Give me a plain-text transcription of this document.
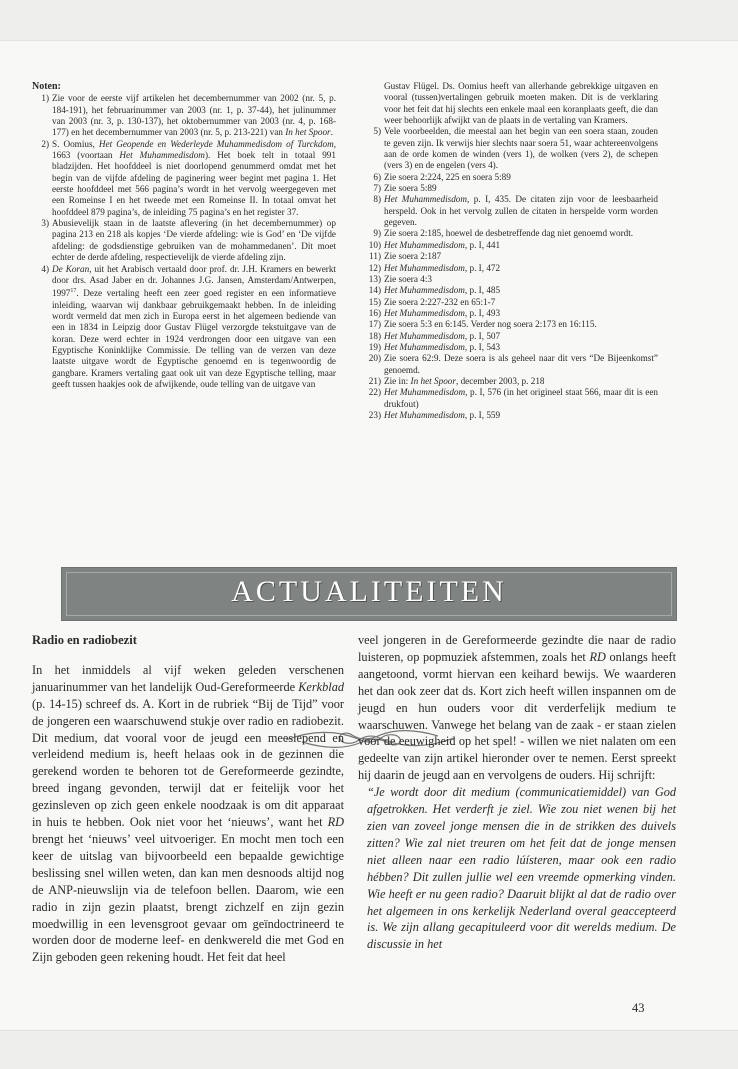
Noten:
1) Zie voor de eerste vijf artikelen het decembernummer van 2002 (nr. 5, p. 184-191), het februarinummer van 2003 (nr. 1, p. 37-44), het julinummer van 2003 (nr. 3, p. 130-137), het oktobernummer van 2003 (nr. 4, p. 168-177) en het decembernummer van 2003 (nr. 5, p. 213-221) van In het Spoor.
2) S. Oomius, Het Geopende en Wederleyde Muhammedisdom of Turckdom, 1663 (voortaan Het Muhammedisdom). Het boek telt in totaal 991 bladzijden. Het hoofddeel is niet doorlopend genummerd omdat met het begin van de vijfde afdeling de paginering weer begint met pagina 1. Het eerste hoofddeel met 566 pagina’s wordt in het vervolg weergegeven met een Romeinse I en het tweede met een Romeinse II. In totaal omvat het hoofddeel 879 pagina’s, de inleiding 75 pagina’s en het register 37.
3) Abusievelijk staan in de laatste aflevering (in het decembernummer) op pagina 213 en 218 als kopjes ‘De vierde afdeling: wie is God’ en ‘De vijfde afdeling: de godsdienstige gebruiken van de mohammedanen’. Dit moet echter de derde afdeling, respectievelijk de vierde afdeling zijn.
4) De Koran, uit het Arabisch vertaald door prof. dr. J.H. Kramers en bewerkt door drs. Asad Jaber en dr. Johannes J.G. Jansen, Amsterdam/Antwerpen, 1997$^{17}$. Deze vertaling heeft een zeer goed register en een informatieve inleiding, waarvan wij dankbaar gebruikgemaakt hebben. In de inleiding wordt vermeld dat men zich in Europa eerst in het algemeen bediende van een in 1834 in Leipzig door Gustav Flügel verzorgde tekstuitgave van de koran. Deze werd echter in 1924 verdrongen door een uitgave van een Egyptische Koninklijke Commissie. De telling van de verzen van deze laatste uitgave wordt de Egyptische genoemd en is tegenwoordig de gangbare. Kramers vertaling gaat ook uit van deze Egyptische telling, maar geeft tussen haakjes ook de afwijkende, oude telling van de uitgave van
Gustav Flügel. Ds. Oomius heeft van allerhande gebrekkige uitgaven en vooral (tussen)vertalingen gebruik moeten maken. Dit is de verklaring voor het feit dat hij slechts een enkele maal een koranplaats geeft, die dan weer behoorlijk afwijkt van de plaats in de vertaling van Kramers.
5) Vele voorbeelden, die meestal aan het begin van een soera staan, zouden te geven zijn. Ik verwijs hier slechts naar soera 51, waar achtereenvolgens aan de orde komen de winden (vers 1), de wolken (vers 2), de schepen (vers 3) en de engelen (vers 4).
6) Zie soera 2:224, 225 en soera 5:89
7) Zie soera 5:89
8) Het Muhammedisdom, p. I, 435. De citaten zijn voor de leesbaarheid herspeld. Ook in het vervolg zullen de citaten in herspelde vorm worden gegeven.
9) Zie soera 2:185, hoewel de desbetreffende dag niet genoemd wordt.
10) Het Muhammedisdom, p. I, 441
11) Zie soera 2:187
12) Het Muhammedisdom, p. I, 472
13) Zie soera 4:3
14) Het Muhammedisdom, p. I, 485
15) Zie soera 2:227-232 en 65:1-7
16) Het Muhammedisdom, p. I, 493
17) Zie soera 5:3 en 6:145. Verder nog soera 2:173 en 16:115.
18) Het Muhammedisdom, p. I, 507
19) Het Muhammedisdom, p. I, 543
20) Zie soera 62:9. Deze soera is als geheel naar dit vers “De Bijeenkomst” genoemd.
21) Zie in: In het Spoor, december 2003, p. 218
22) Het Muhammedisdom, p. I, 576 (in het origineel staat 566, maar dit is een drukfout)
23) Het Muhammedisdom, p. I, 559
ACTUALITEITEN
Radio en radiobezit

In het inmiddels al vijf weken geleden verschenen januarinummer van het landelijk Oud-Gereformeerde Kerkblad (p. 14-15) schreef ds. A. Kort in de rubriek “Bij de Tijd” voor de jongeren een waarschuwend stukje over radio en radiobezit. Dit medium, dat vooral voor de jeugd een meeslepend en verleidend medium is, heeft helaas ook in de gezinnen die gerekend worden te behoren tot de Gereformeerde gezindte, breed ingang gevonden, terwijl dat er feitelijk voor het gezinsleven op zich geen enkele noodzaak is om dit apparaat in huis te hebben. Ook niet voor het ‘nieuws’, want het RD brengt het ‘nieuws’ veel uitvoeriger. En mocht men toch een keer de uitslag van bijvoorbeeld een bepaalde gewichtige beslissing snel willen weten, dan kan men desnoods altijd nog de ANP-nieuwslijn via de telefoon bellen. Daarom, wie een radio in zijn gezin plaatst, brengt zichzelf en zijn gezin moedwillig in een levensgroot gevaar om geïndoctrineerd te worden door de moderne leef- en denkwereld die met God en Zijn geboden geen rekening houdt. Het feit dat heel

veel jongeren in de Gereformeerde gezindte die naar de radio luisteren, op popmuziek afstemmen, zoals het RD onlangs heeft aangetoond, vormt hiervan een keihard bewijs. We waarderen het dan ook zeer dat ds. Kort zich heeft willen inspannen om de jeugd en hun ouders voor dit verderfelijk medium te waarschuwen. Vanwege het belang van de zaak - er staan zielen voor de eeuwigheid op het spel! - willen we niet nalaten om een gedeelte van zijn artikel hieronder over te nemen. Eerst spreekt hij daarin de jeugd aan en vervolgens de ouders. Hij schrijft:

“Je wordt door dit medium (communicatiemiddel) van God afgetrokken. Het verderft je ziel. Wie zou niet wenen bij het zien van zoveel jonge mensen die in de strikken des duivels zitten? Wie zal niet treuren om het feit dat de jonge mensen niet alleen naar een radio lúísteren, maar ook een radio hébben? Dit zullen jullie wel een vreemde opmerking vinden. Wie heeft er nu geen radio? Daaruit blijkt al dat de radio over het algemeen in ons kerkelijk Nederland overal geaccepteerd is. We zijn allang gecapituleerd voor dit werelds medium. De discussie in het

43
